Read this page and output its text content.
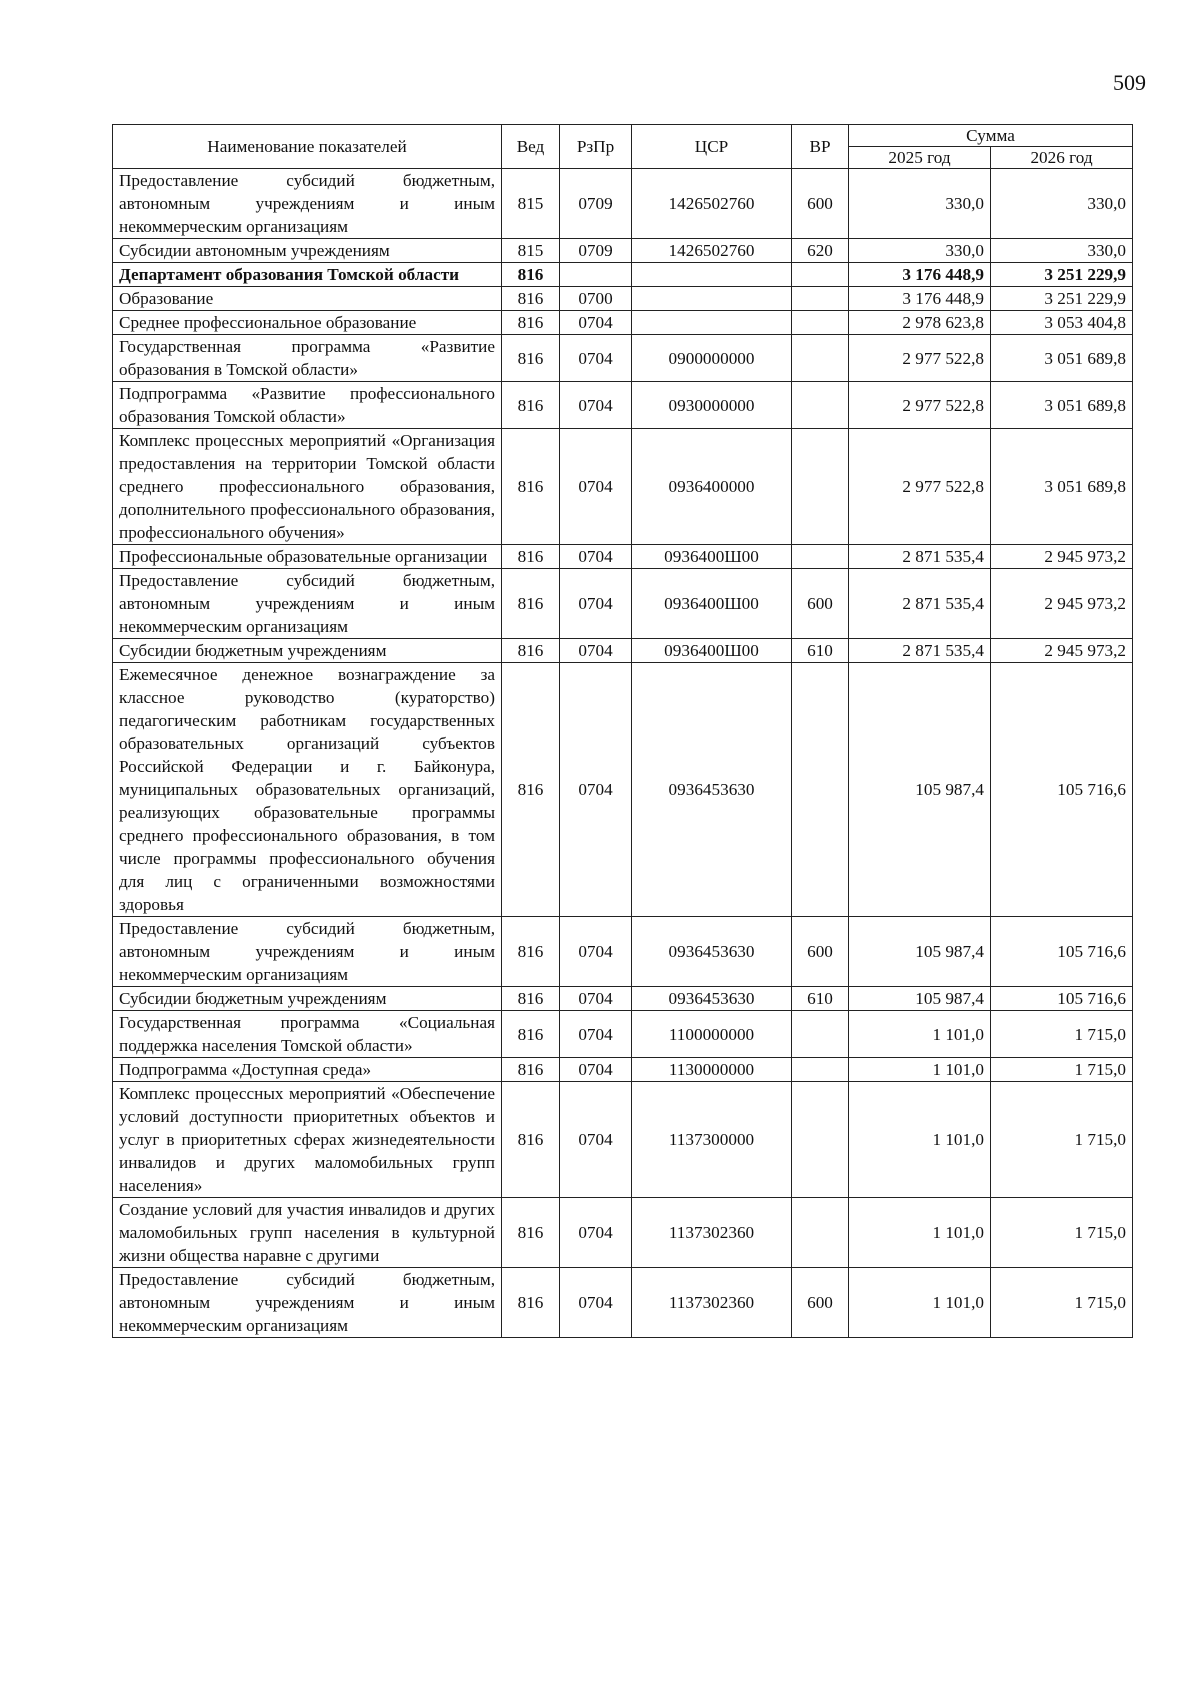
509
Наименование показателей	Вед	РзПр	ЦСР	ВР	Сумма	
					2025 год	2026 год
Предоставление субсидий бюджетным, автономным учреждениям и иным некоммерческим организациям	815	0709	1426502760	600	330,0	330,0
Субсидии автономным учреждениям	815	0709	1426502760	620	330,0	330,0
Департамент образования Томской области	816				3 176 448,9	3 251 229,9
Образование	816	0700			3 176 448,9	3 251 229,9
Среднее профессиональное образование	816	0704			2 978 623,8	3 053 404,8
Государственная программа «Развитие образования в Томской области»	816	0704	0900000000		2 977 522,8	3 051 689,8
Подпрограмма «Развитие профессионального образования Томской области»	816	0704	0930000000		2 977 522,8	3 051 689,8
Комплекс процессных мероприятий «Организация предоставления на территории Томской области среднего профессионального образования, дополнительного профессионального образования, профессионального обучения»	816	0704	0936400000		2 977 522,8	3 051 689,8
Профессиональные образовательные организации	816	0704	0936400Ш00		2 871 535,4	2 945 973,2
Предоставление субсидий бюджетным, автономным учреждениям и иным некоммерческим организациям	816	0704	0936400Ш00	600	2 871 535,4	2 945 973,2
Субсидии бюджетным учреждениям	816	0704	0936400Ш00	610	2 871 535,4	2 945 973,2
Ежемесячное денежное вознаграждение за классное руководство (кураторство) педагогическим работникам государственных образовательных организаций субъектов Российской Федерации и г. Байконура, муниципальных образовательных организаций, реализующих образовательные программы среднего профессионального образования, в том числе программы профессионального обучения для лиц с ограниченными возможностями здоровья	816	0704	0936453630		105 987,4	105 716,6
Предоставление субсидий бюджетным, автономным учреждениям и иным некоммерческим организациям	816	0704	0936453630	600	105 987,4	105 716,6
Субсидии бюджетным учреждениям	816	0704	0936453630	610	105 987,4	105 716,6
Государственная программа «Социальная поддержка населения Томской области»	816	0704	1100000000		1 101,0	1 715,0
Подпрограмма «Доступная среда»	816	0704	1130000000		1 101,0	1 715,0
Комплекс процессных мероприятий «Обеспечение условий доступности приоритетных объектов и услуг в приоритетных сферах жизнедеятельности инвалидов и других маломобильных групп населения»	816	0704	1137300000		1 101,0	1 715,0
Создание условий для участия инвалидов и других маломобильных групп населения в культурной жизни общества наравне с другими	816	0704	1137302360		1 101,0	1 715,0
Предоставление субсидий бюджетным, автономным учреждениям и иным некоммерческим организациям	816	0704	1137302360	600	1 101,0	1 715,0
